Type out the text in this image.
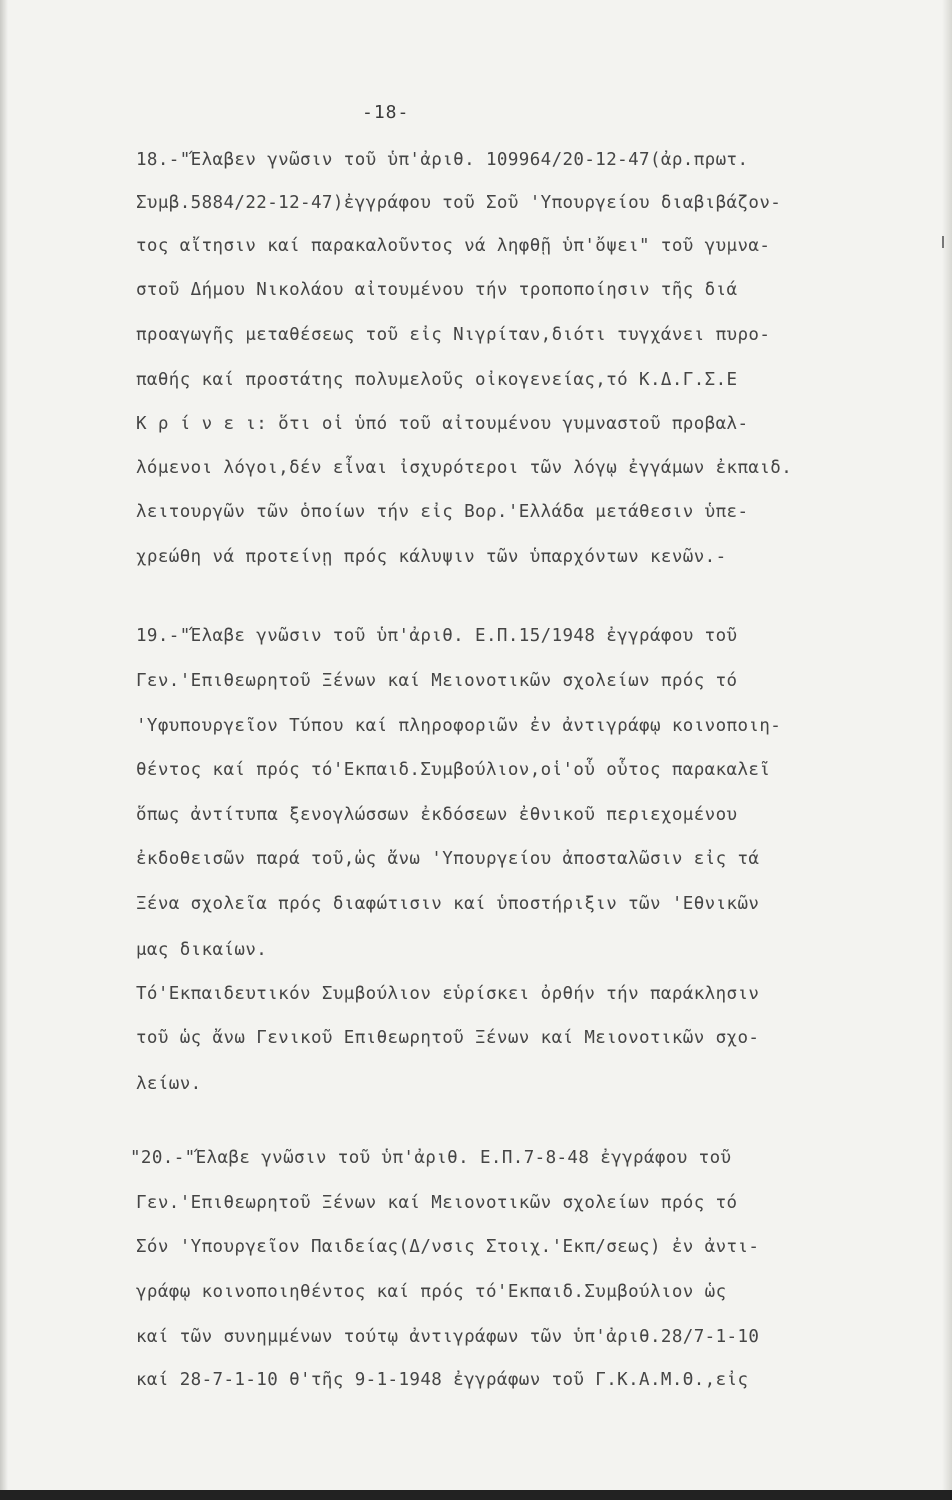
-18-
18.-"Έλαβεν γνῶσιν τοῦ ὑπ'ἀριθ. 109964/20-12-47(ἀρ.πρωτ.
Συμβ.5884/22-12-47)ἐγγράφου τοῦ Σοῦ 'Υπουργείου διαβιβάζον-
τος αἴτησιν καί παρακαλοῦντος νά ληφθῇ ὑπ'ὄψει" τοῦ γυμνα-
στοῦ Δήμου Νικολάου αἰτουμένου τήν τροποποίησιν τῆς διά
προαγωγῆς μεταθέσεως τοῦ εἰς Νιγρίταν,διότι τυγχάνει πυρο-
παθής καί προστάτης πολυμελοῦς οἰκογενείας,τό Κ.Δ.Γ.Σ.Ε
Κ ρ ί ν ε ι: ὅτι οἱ ὑπό τοῦ αἰτουμένου γυμναστοῦ προβαλ-
λόμενοι λόγοι,δέν εἶναι ἰσχυρότεροι τῶν λόγῳ ἐγγάμων ἐκπαιδ.
λειτουργῶν τῶν ὁποίων τήν εἰς Βορ.'Ελλάδα μετάθεσιν ὑπε-
χρεώθη νά προτείνῃ πρός κάλυψιν τῶν ὑπαρχόντων κενῶν.-
19.-"Έλαβε γνῶσιν τοῦ ὑπ'ἀριθ. Ε.Π.15/1948 ἐγγράφου τοῦ
Γεν.'Επιθεωρητοῦ Ξένων καί Μειονοτικῶν σχολείων πρός τό
'Υφυπουργεῖον Τύπου καί πληροφοριῶν ἐν ἀντιγράφῳ κοινοποιη-
θέντος καί πρός τό'Εκπαιδ.Συμβούλιον,οἱ'οὗ οὗτος παρακαλεῖ
ὅπως ἀντίτυπα ξενογλώσσων ἐκδόσεων ἐθνικοῦ περιεχομένου
ἐκδοθεισῶν παρά τοῦ,ὡς ἄνω 'Υπουργείου ἀποσταλῶσιν εἰς τά
Ξένα σχολεῖα πρός διαφώτισιν καί ὑποστήριξιν τῶν 'Εθνικῶν
μας δικαίων.
Τό'Εκπαιδευτικόν Συμβούλιον εὑρίσκει ὀρθήν τήν παράκλησιν
τοῦ ὡς ἄνω Γενικοῦ Επιθεωρητοῦ Ξένων καί Μειονοτικῶν σχο-
λείων.
"20.-"Έλαβε γνῶσιν τοῦ ὑπ'ἀριθ. Ε.Π.7-8-48 ἐγγράφου τοῦ
Γεν.'Επιθεωρητοῦ Ξένων καί Μειονοτικῶν σχολείων πρός τό
Σόν 'Υπουργεῖον Παιδείας(Δ/νσις Στοιχ.'Εκπ/σεως) ἐν ἀντι-
γράφῳ κοινοποιηθέντος καί πρός τό'Εκπαιδ.Συμβούλιον ὡς
καί τῶν συνημμένων τούτῳ ἀντιγράφων τῶν ὑπ'ἀριθ.28/7-1-10
καί 28-7-1-10 θ'τῆς 9-1-1948 ἐγγράφων τοῦ Γ.Κ.Α.Μ.Θ.,εἰς
